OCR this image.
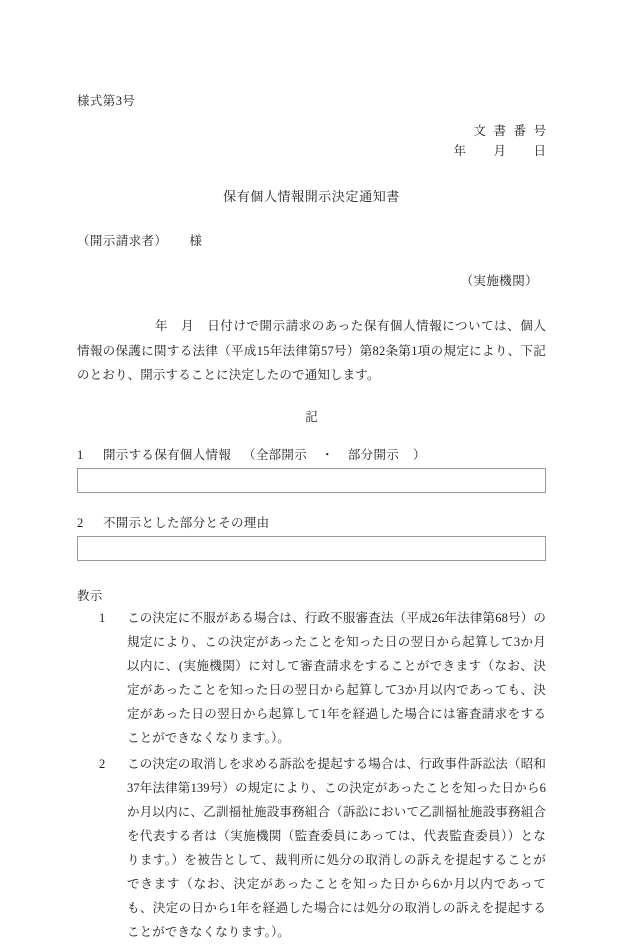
様式第3号
文書番号
年　月　日
保有個人情報開示決定通知書
（開示請求者） 様
（実施機関）
年　月　日付けで開示請求のあった保有個人情報については、個人情報の保護に関する法律（平成15年法律第57号）第82条第1項の規定により、下記のとおり、開示することに決定したので通知します。
記
1 開示する保有個人情報 （全部開示 ・ 部分開示 ）
2 不開示とした部分とその理由
教示
1 この決定に不服がある場合は、行政不服審査法（平成26年法律第68号）の規定により、この決定があったことを知った日の翌日から起算して3か月以内に、(実施機関）に対して審査請求をすることができます（なお、決定があったことを知った日の翌日から起算して3か月以内であっても、決定があった日の翌日から起算して1年を経過した場合には審査請求をすることができなくなります。）。
2 この決定の取消しを求める訴訟を提起する場合は、行政事件訴訟法（昭和37年法律第139号）の規定により、この決定があったことを知った日から6か月以内に、乙訓福祉施設事務組合（訴訟において乙訓福祉施設事務組合を代表する者は（実施機関（監査委員にあっては、代表監査委員））となります。）を被告として、裁判所に処分の取消しの訴えを提起することができます（なお、決定があったことを知った日から6か月以内であっても、決定の日から1年を経過した場合には処分の取消しの訴えを提起することができなくなります。）。
